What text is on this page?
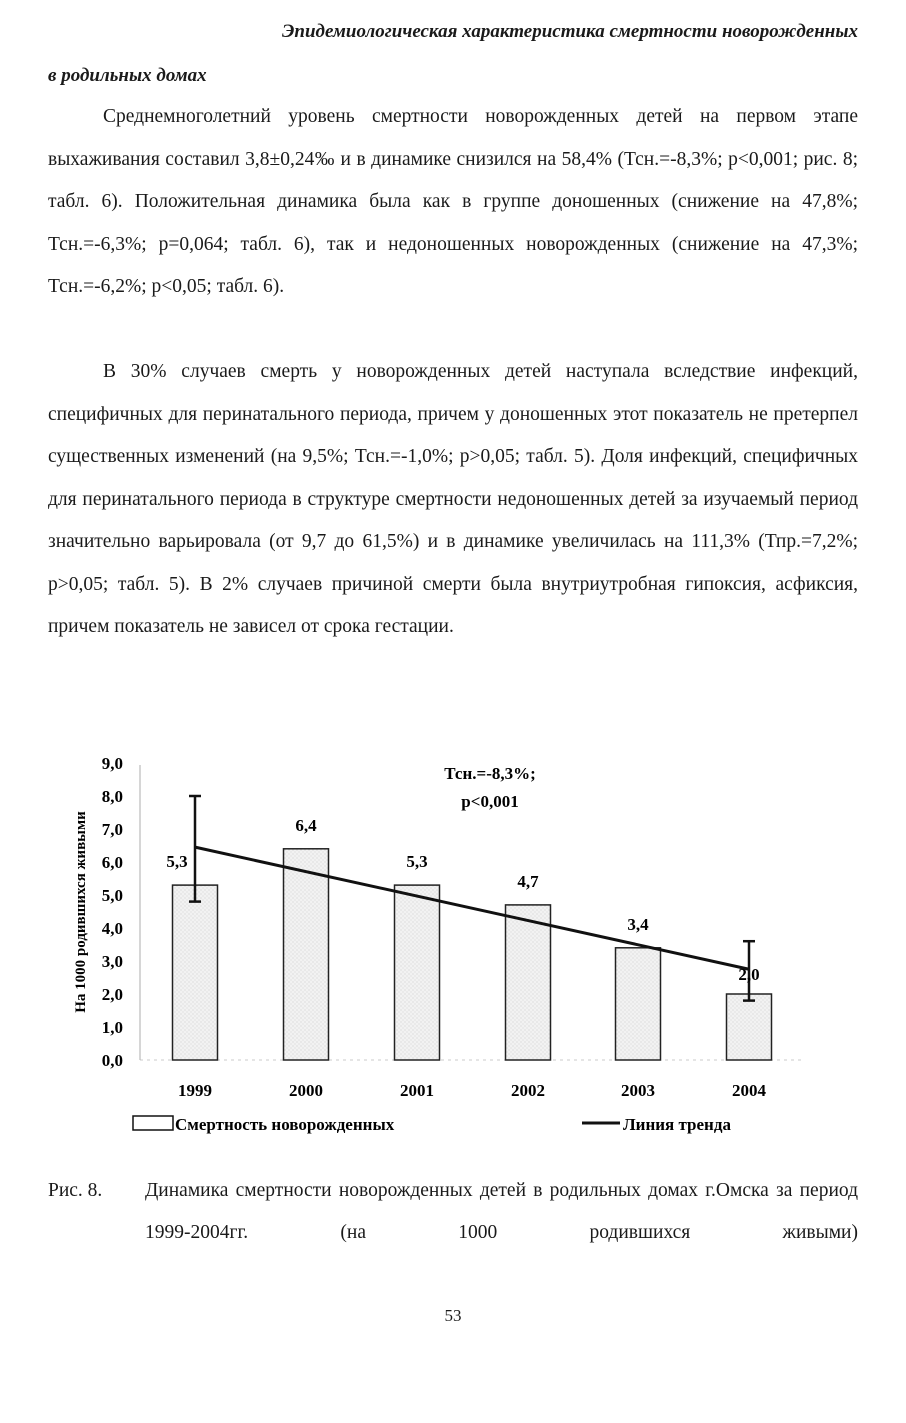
Эпидемиологическая характеристика смертности новорожденных
в родильных домах

Среднемноголетний уровень смертности новорожденных детей на первом этапе выхаживания составил 3,8±0,24‰ и в динамике снизился на 58,4% (Тсн.=-8,3%; p<0,001; рис. 8; табл. 6). Положительная динамика была как в группе доношенных (снижение на 47,8%; Тсн.=-6,3%; p=0,064; табл. 6), так и недоношенных новорожденных (снижение на 47,3%; Тсн.=-6,2%; p<0,05; табл. 6).

В 30% случаев смерть у новорожденных детей наступала вследствие инфекций, специфичных для перинатального периода, причем у доношенных этот показатель не претерпел существенных изменений (на 9,5%; Тсн.=-1,0%; p>0,05; табл. 5). Доля инфекций, специфичных для перинатального периода в структуре смертности недоношенных детей за изучаемый период значительно варьировала (от 9,7 до 61,5%) и в динамике увеличилась на 111,3% (Тпр.=7,2%; p>0,05; табл. 5). В 2% случаев причиной смерти была внутриутробная гипоксия, асфиксия, причем показатель не зависел от срока гестации.

На 1000 родившихся живыми
0,0
1,0
2,0
3,0
4,0
5,0
6,0
7,0
8,0
9,0
5,3
6,4
5,3
4,7
3,4
2,0
1999	2000	2001	2002	2003	2004
Тсн.=-8,3%;
p<0,001
Смертность новорожденных	Линия тренда
Рис. 8. Динамика смертности новорожденных детей в родильных домах г.Омска за период 1999-2004гг. (на 1000 родившихся живыми)
53
